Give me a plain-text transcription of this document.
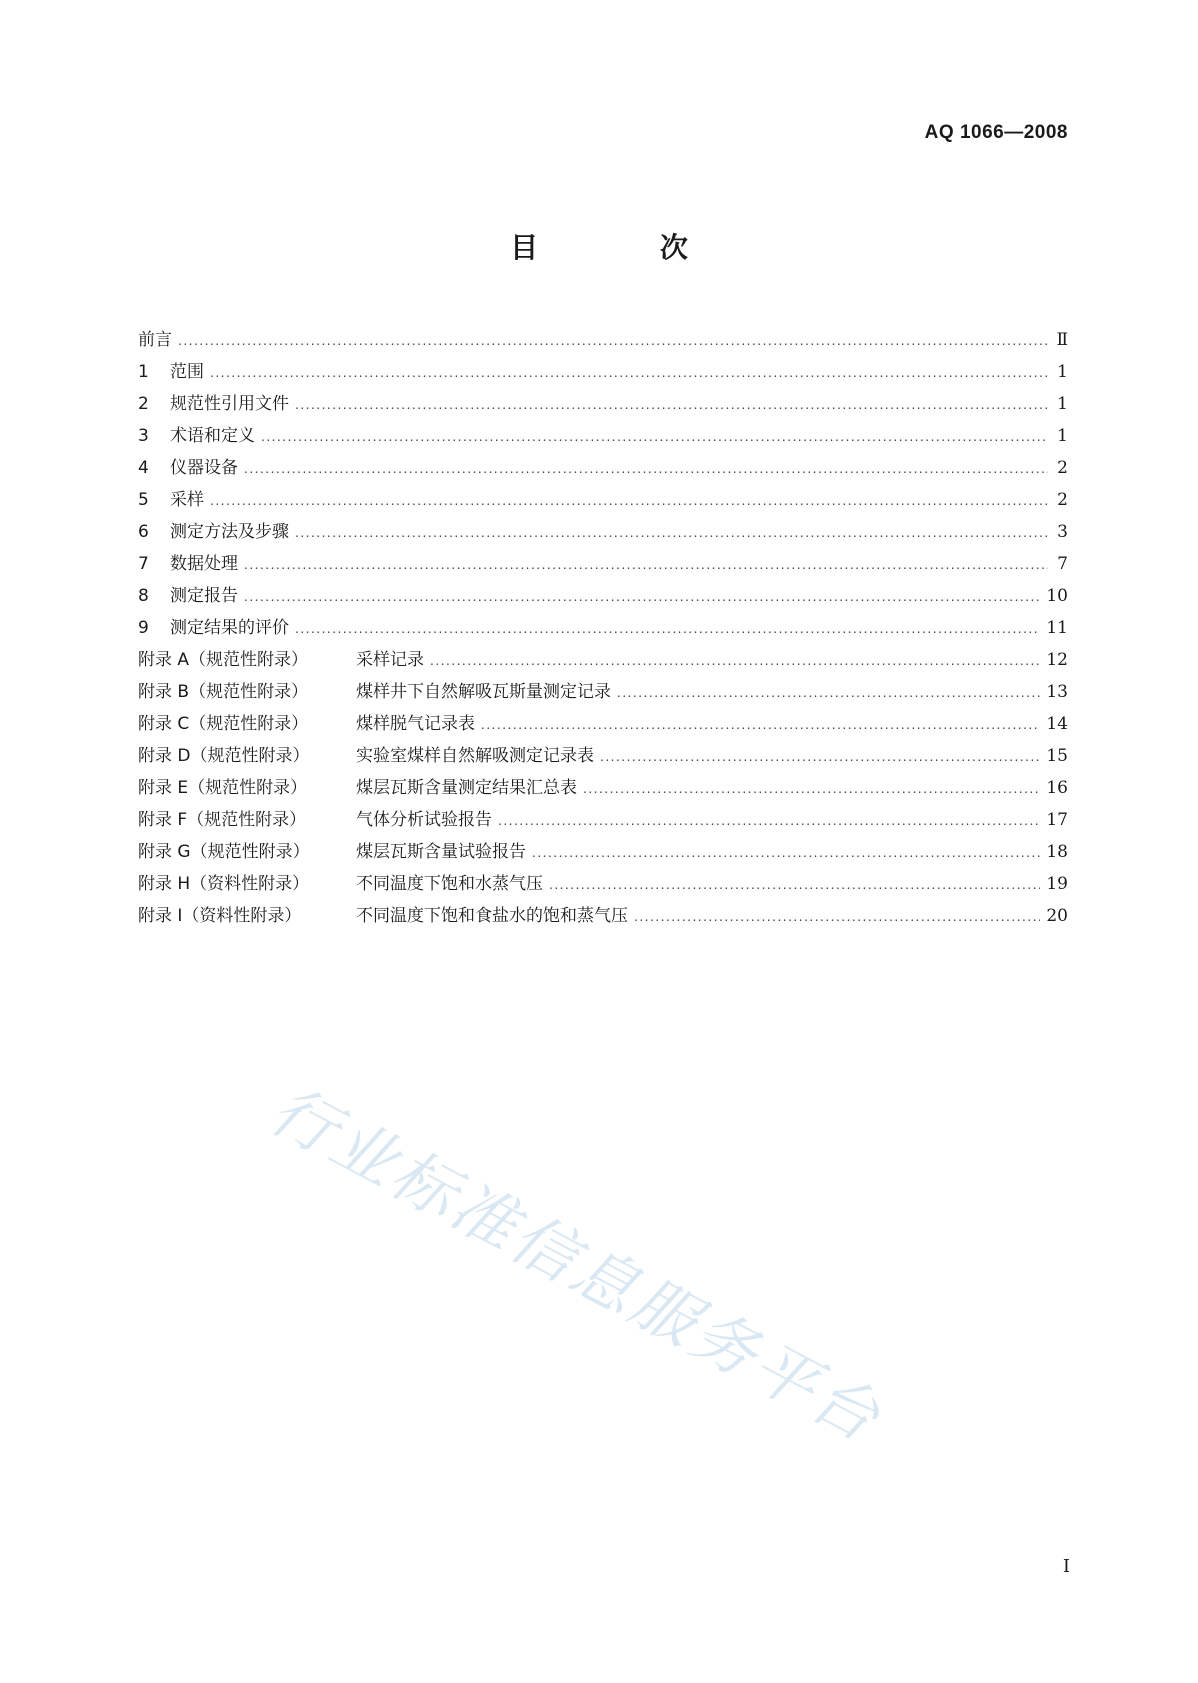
AQ 1066—2008
目 次
前言 .....	Ⅱ
1 范围 .....	1
2 规范性引用文件 .....	1
3 术语和定义 .....	1
4 仪器设备 .....	2
5 采样 .....	2
6 测定方法及步骤 .....	3
7 数据处理 .....	7
8 测定报告 .....	10
9 测定结果的评价 .....	11
附录 A（规范性附录）	采样记录 .....	12
附录 B（规范性附录）	煤样井下自然解吸瓦斯量测定记录 .....	13
附录 C（规范性附录）	煤样脱气记录表 .....	14
附录 D（规范性附录）	实验室煤样自然解吸测定记录表 .....	15
附录 E（规范性附录）	煤层瓦斯含量测定结果汇总表 .....	16
附录 F（规范性附录）	气体分析试验报告 .....	17
附录 G（规范性附录）	煤层瓦斯含量试验报告 .....	18
附录 H（资料性附录）	不同温度下饱和水蒸气压 .....	19
附录 I（资料性附录）	不同温度下饱和食盐水的饱和蒸气压 .....	20
行业标准信息服务平台
I
